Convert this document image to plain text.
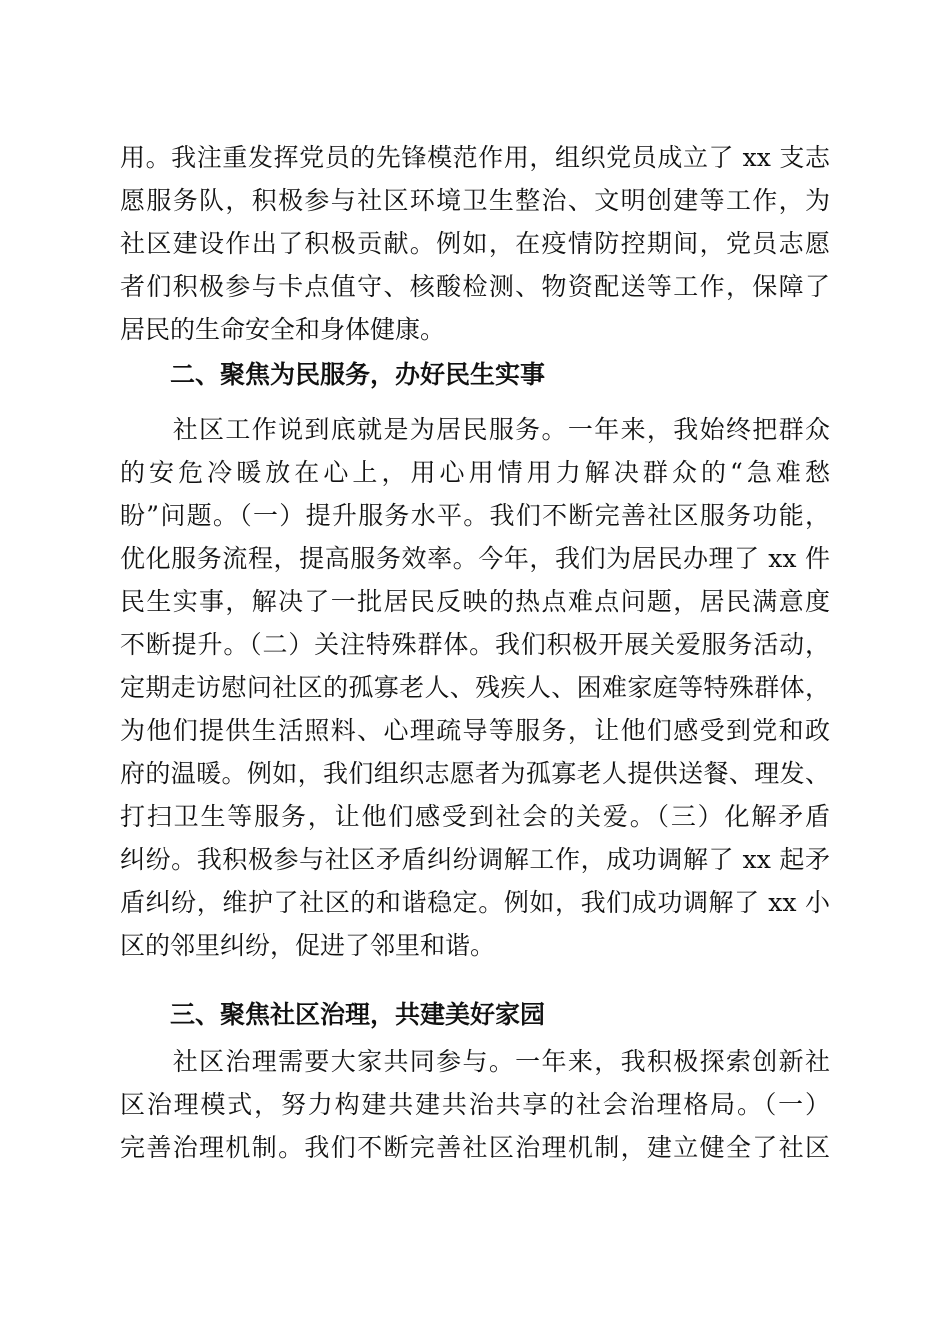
用。我注重发挥党员的先锋模范作用，组织党员成立了 xx 支志
愿服务队，积极参与社区环境卫生整治、文明创建等工作，为
社区建设作出了积极贡献。例如，在疫情防控期间，党员志愿
者们积极参与卡点值守、核酸检测、物资配送等工作，保障了
居民的生命安全和身体健康。
二、聚焦为民服务，办好民生实事
　　社区工作说到底就是为居民服务。一年来，我始终把群众
的安危冷暖放在心上，用心用情用力解决群众的“急难愁
盼”问题。（一）提升服务水平。我们不断完善社区服务功能，
优化服务流程，提高服务效率。今年，我们为居民办理了 xx 件
民生实事，解决了一批居民反映的热点难点问题，居民满意度
不断提升。（二）关注特殊群体。我们积极开展关爱服务活动，
定期走访慰问社区的孤寡老人、残疾人、困难家庭等特殊群体，
为他们提供生活照料、心理疏导等服务，让他们感受到党和政
府的温暖。例如，我们组织志愿者为孤寡老人提供送餐、理发、
打扫卫生等服务，让他们感受到社会的关爱。（三）化解矛盾
纠纷。我积极参与社区矛盾纠纷调解工作，成功调解了 xx 起矛
盾纠纷，维护了社区的和谐稳定。例如，我们成功调解了 xx 小
区的邻里纠纷，促进了邻里和谐。
三、聚焦社区治理，共建美好家园
　　社区治理需要大家共同参与。一年来，我积极探索创新社
区治理模式，努力构建共建共治共享的社会治理格局。（一）
完善治理机制。我们不断完善社区治理机制，建立健全了社区
